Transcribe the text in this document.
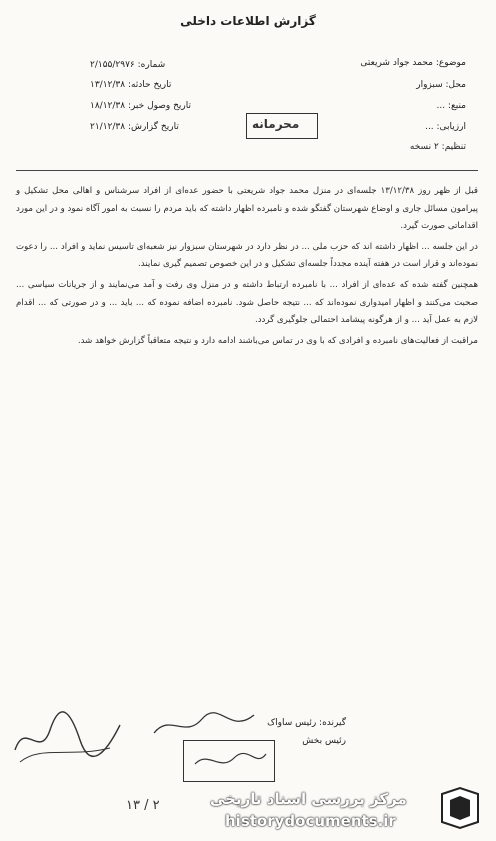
گزارش اطلاعات داخلی
موضوع: محمد جواد شریعتی
محل: سبزوار
منبع: ...
ارزیابی: ...
تنظیم: ۲ نسخه
شماره: ۲/۱۵۵/۲۹۷۶
تاریخ حادثه: ۱۳/۱۲/۳۸
تاریخ وصول خبر: ۱۸/۱۲/۳۸
تاریخ گزارش: ۲۱/۱۲/۳۸	محرمانه

قبل از ظهر روز ۱۳/۱۲/۳۸ جلسه‌ای در منزل محمد جواد شریعتی با حضور عده‌ای از افراد سرشناس و اهالی محل تشکیل و پیرامون مسائل جاری و اوضاع شهرستان گفتگو شده و نامبرده اظهار داشته که باید مردم را نسبت به امور آگاه نمود و در این مورد اقداماتی صورت گیرد.

در این جلسه ... اظهار داشته اند که حزب ملی ... در نظر دارد در شهرستان سبزوار نیز شعبه‌ای تاسیس نماید و افراد ... را دعوت نموده‌اند و قرار است در هفته آینده مجدداً جلسه‌ای تشکیل و در این خصوص تصمیم گیری نمایند.

همچنین گفته شده که عده‌ای از افراد ... با نامبرده ارتباط داشته و در منزل وی رفت و آمد می‌نمایند و از جریانات سیاسی ... صحبت می‌کنند و اظهار امیدواری نموده‌اند که ... نتیجه حاصل شود. نامبرده اضافه نموده که ... باید ... و در صورتی که ... اقدام لازم به عمل آید ... و از هرگونه پیشامد احتمالی جلوگیری گردد.

مراقبت از فعالیت‌های نامبرده و افرادی که با وی در تماس می‌باشند ادامه دارد و نتیجه متعاقباً گزارش خواهد شد.

گیرنده: رئیس ساواک
رئیس بخش
۲ / ۱۳	مرکز بررسی اسناد تاریخی
historydocuments.ir
